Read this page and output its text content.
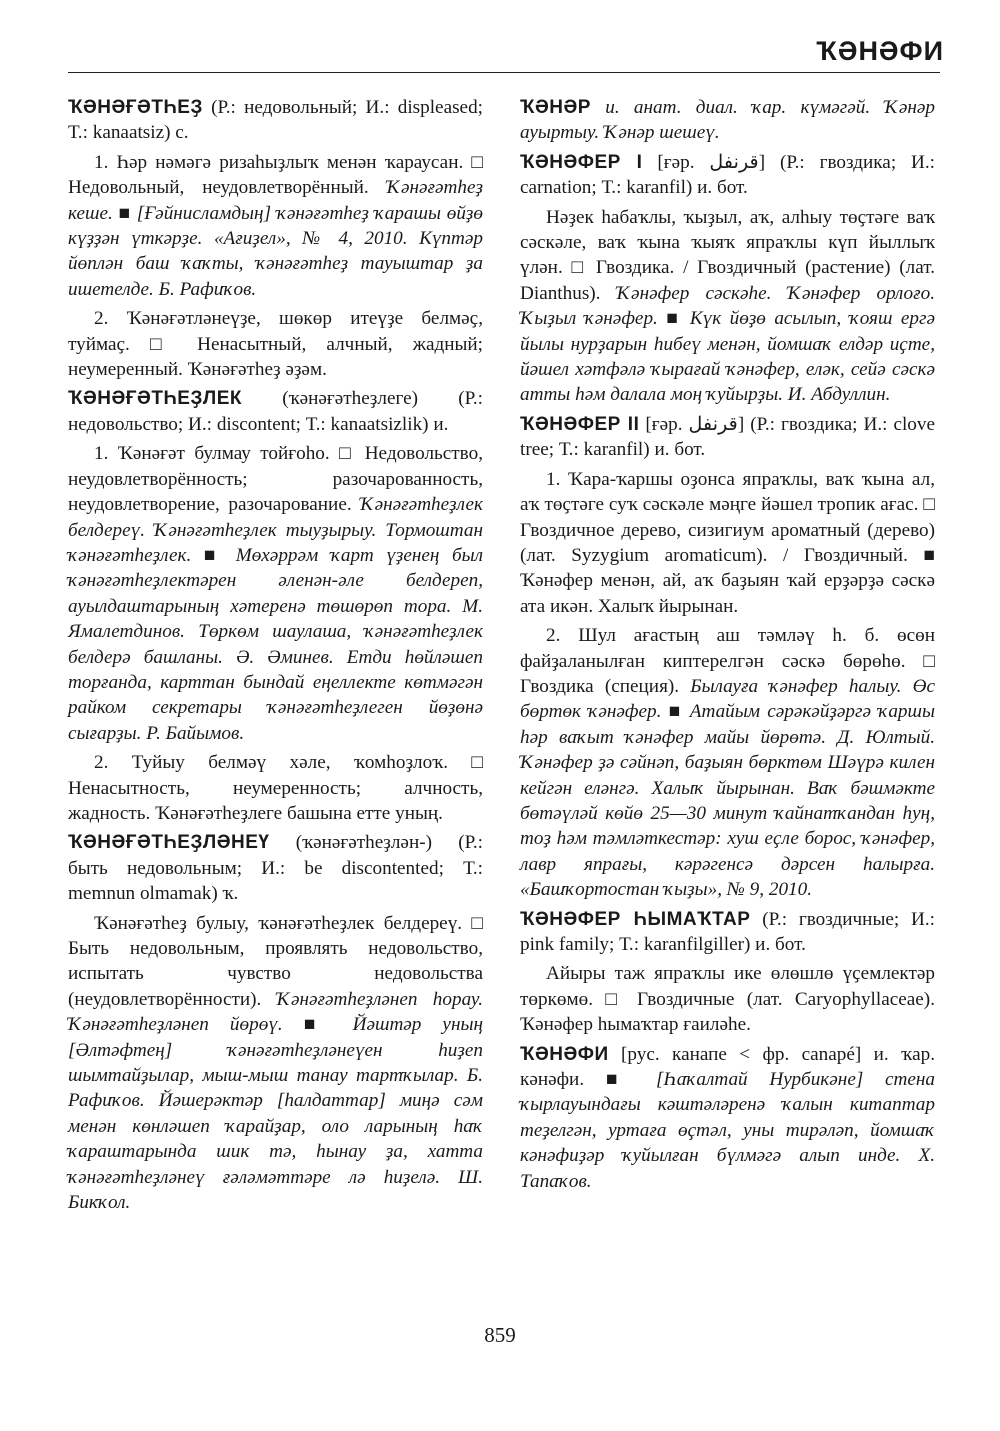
ҠӘНӘФИ

ҠӘНӘҒӘТҺЕҘ (Р.: недовольный; И.: displeased; Т.: kanaatsiz) с.

1. Һәр нәмәгә ризаһыҙлыҡ менән ҡараусан. □ Недовольный, неудовлетворённый. Ҡәнәғәтһеҙ кеше. ■ [Ғәйнисламдың] ҡәнәғәтһеҙ ҡарашы өйҙө күҙҙән үткәрҙе. «Ағиҙел», № 4, 2010. Күптәр йөплән баш ҡаҡты, ҡәнәғәтһеҙ тауыштар ҙа ишетелде. Б. Рафиҡов.

2. Ҡәнәғәтләнеүҙе, шөкөр итеүҙе белмәҫ, туймаҫ. □ Ненасытный, алчный, жадный; неумеренный. Ҡәнәғәтһеҙ әҙәм.

ҠӘНӘҒӘТҺЕҘЛЕК (ҡәнәғәтһеҙлеге) (Р.: недовольство; И.: discontent; Т.: kanaatsizlik) и.

1. Ҡәнәғәт булмау тойғоһо. □ Недовольство, неудовлетворённость; разочарованность, неудовлетворение, разочарование. Ҡәнәғәтһеҙлек белдереү. Ҡәнәғәтһеҙлек тыуҙырыу. Тормоштан ҡәнәғәтһеҙлек. ■ Мөхәррәм ҡарт үҙенең был ҡәнәғәтһеҙлектәрен әленән-әле белдереп, ауылдаштарының хәтеренә төшөрөп тора. М. Ямалетдинов. Төркөм шаулаша, ҡәнәғәтһеҙлек белдерә башланы. Ә. Әминев. Етди һөйләшеп торғанда, карттан бындай еңеллекте көтмәгән райком секретары ҡәнәғәтһеҙлеген йөҙөнә сығарҙы. Р. Байымов.

2. Туйыу белмәү хәле, ҡомһоҙлоҡ. □ Ненасытность, неумеренность; алчность, жадность. Ҡәнәғәтһеҙлеге башына етте уның.

ҠӘНӘҒӘТҺЕҘЛӘНЕҮ (ҡәнәғәтһеҙлән-) (Р.: быть недовольным; И.: be discontented; Т.: memnun olmamak) ҡ.

Ҡәнәғәтһеҙ булыу, ҡәнәғәтһеҙлек белдереү. □ Быть недовольным, проявлять недовольство, испытать чувство недовольства (неудовлетворённости). Ҡәнәғәтһеҙләнеп һорау. Ҡәнәғәтһеҙләнеп йөрөү. ■ Йәштәр уның [Әлтәфтең] ҡәнәғәтһеҙләнеүен һиҙеп шымтайҙылар, мыш-мыш танау тартҡылар. Б. Рафиҡов. Йәшерәктәр [һалдаттар] миңә сәм менән көнләшеп ҡарайҙар, оло ларының һаҡ ҡараштарында шик тә, һынау ҙа, хатта ҡәнәғәтһеҙләнеү ғәләмәттәре лә һиҙелә. Ш. Бикҡол.

ҠӘНӘР и. анат. диал. ҡар. күмәгәй. Ҡәнәр ауыртыу. Ҡәнәр шешеү.

ҠӘНӘФЕР I [ғәр. قرنفل] (Р.: гвоздика; И.: carnation; Т.: karanfil) и. бот.

Нәҙек һабаҡлы, ҡыҙыл, аҡ, алһыу төҫтәге ваҡ сәскәле, ваҡ ҡына ҡыяҡ япраҡлы күп йыллыҡ үлән. □ Гвоздика. / Гвоздичный (растение) (лат. Dianthus). Ҡәнәфер сәскәһе. Ҡәнәфер орлоғо. Ҡыҙыл ҡәнәфер. ■ Күк йөҙө асылып, ҡояш ергә йылы нурҙарын һибеү менән, йомшаҡ елдәр иҫте, йәшел хәтфәлә ҡырағай ҡәнәфер, еләк, сейә сәскә атты һәм далала моң ҡуйырҙы. И. Абдуллин.

ҠӘНӘФЕР II [ғәр. قرنفل] (Р.: гвоздика; И.: clove tree; Т.: karanfil) и. бот.

1. Ҡара-ҡаршы оҙонса япраҡлы, ваҡ ҡына ал, аҡ төҫтәге суҡ сәскәле мәңге йәшел тропик ағас. □ Гвоздичное дерево, сизигиум ароматный (дерево) (лат. Syzygium aromaticum). / Гвоздичный. ■ Ҡәнәфер менән, ай, аҡ баҙыян ҡай ерҙәрҙә сәскә ата икән. Халыҡ йырынан.

2. Шул ағастың аш тәмләү һ. б. өсөн файҙаланылған киптерелгән сәскә бөрөһө. □ Гвоздика (специя). Былауға ҡәнәфер һалыу. Өс бөртөк ҡәнәфер. ■ Атайым сәрәкәйҙәргә ҡаршы һәр ваҡыт ҡәнәфер майы йөрөтә. Д. Юлтый. Ҡәнәфер ҙә сәйнәп, баҙыян бөрктөм Шәүрә килен кейгән еләнгә. Халыҡ йырынан. Ваҡ бәшмәкте бөтәүләй көйө 25—30 минут ҡайнатҡандан һуң, тоҙ һәм тәмләткестәр: хуш еҫле борос, ҡәнәфер, лавр япрағы, кәрәгенсә дәрсен һалырға. «Башҡортостан ҡыҙы», № 9, 2010.

ҠӘНӘФЕР ҺЫМАҠТАР (Р.: гвоздичные; И.: pink family; Т.: karanfilgiller) и. бот.

Айыры таж япраҡлы ике өлөшлө үҫемлектәр төркөмө. □ Гвоздичные (лат. Caryophyllaceae). Ҡәнәфер һымаҡтар ғаиләһе.

ҠӘНӘФИ [рус. канапе < фр. canapé] и. ҡар. кәнәфи. ■ [Һаҡалтай Нурбикәне] стена ҡырлауындағы кәштәләренә ҡалын китаптар теҙелгән, уртаға өҫтәл, уны тирәләп, йомшаҡ кәнәфиҙәр ҡуйылған бүлмәгә алып инде. Х. Тапаҡов.

859
